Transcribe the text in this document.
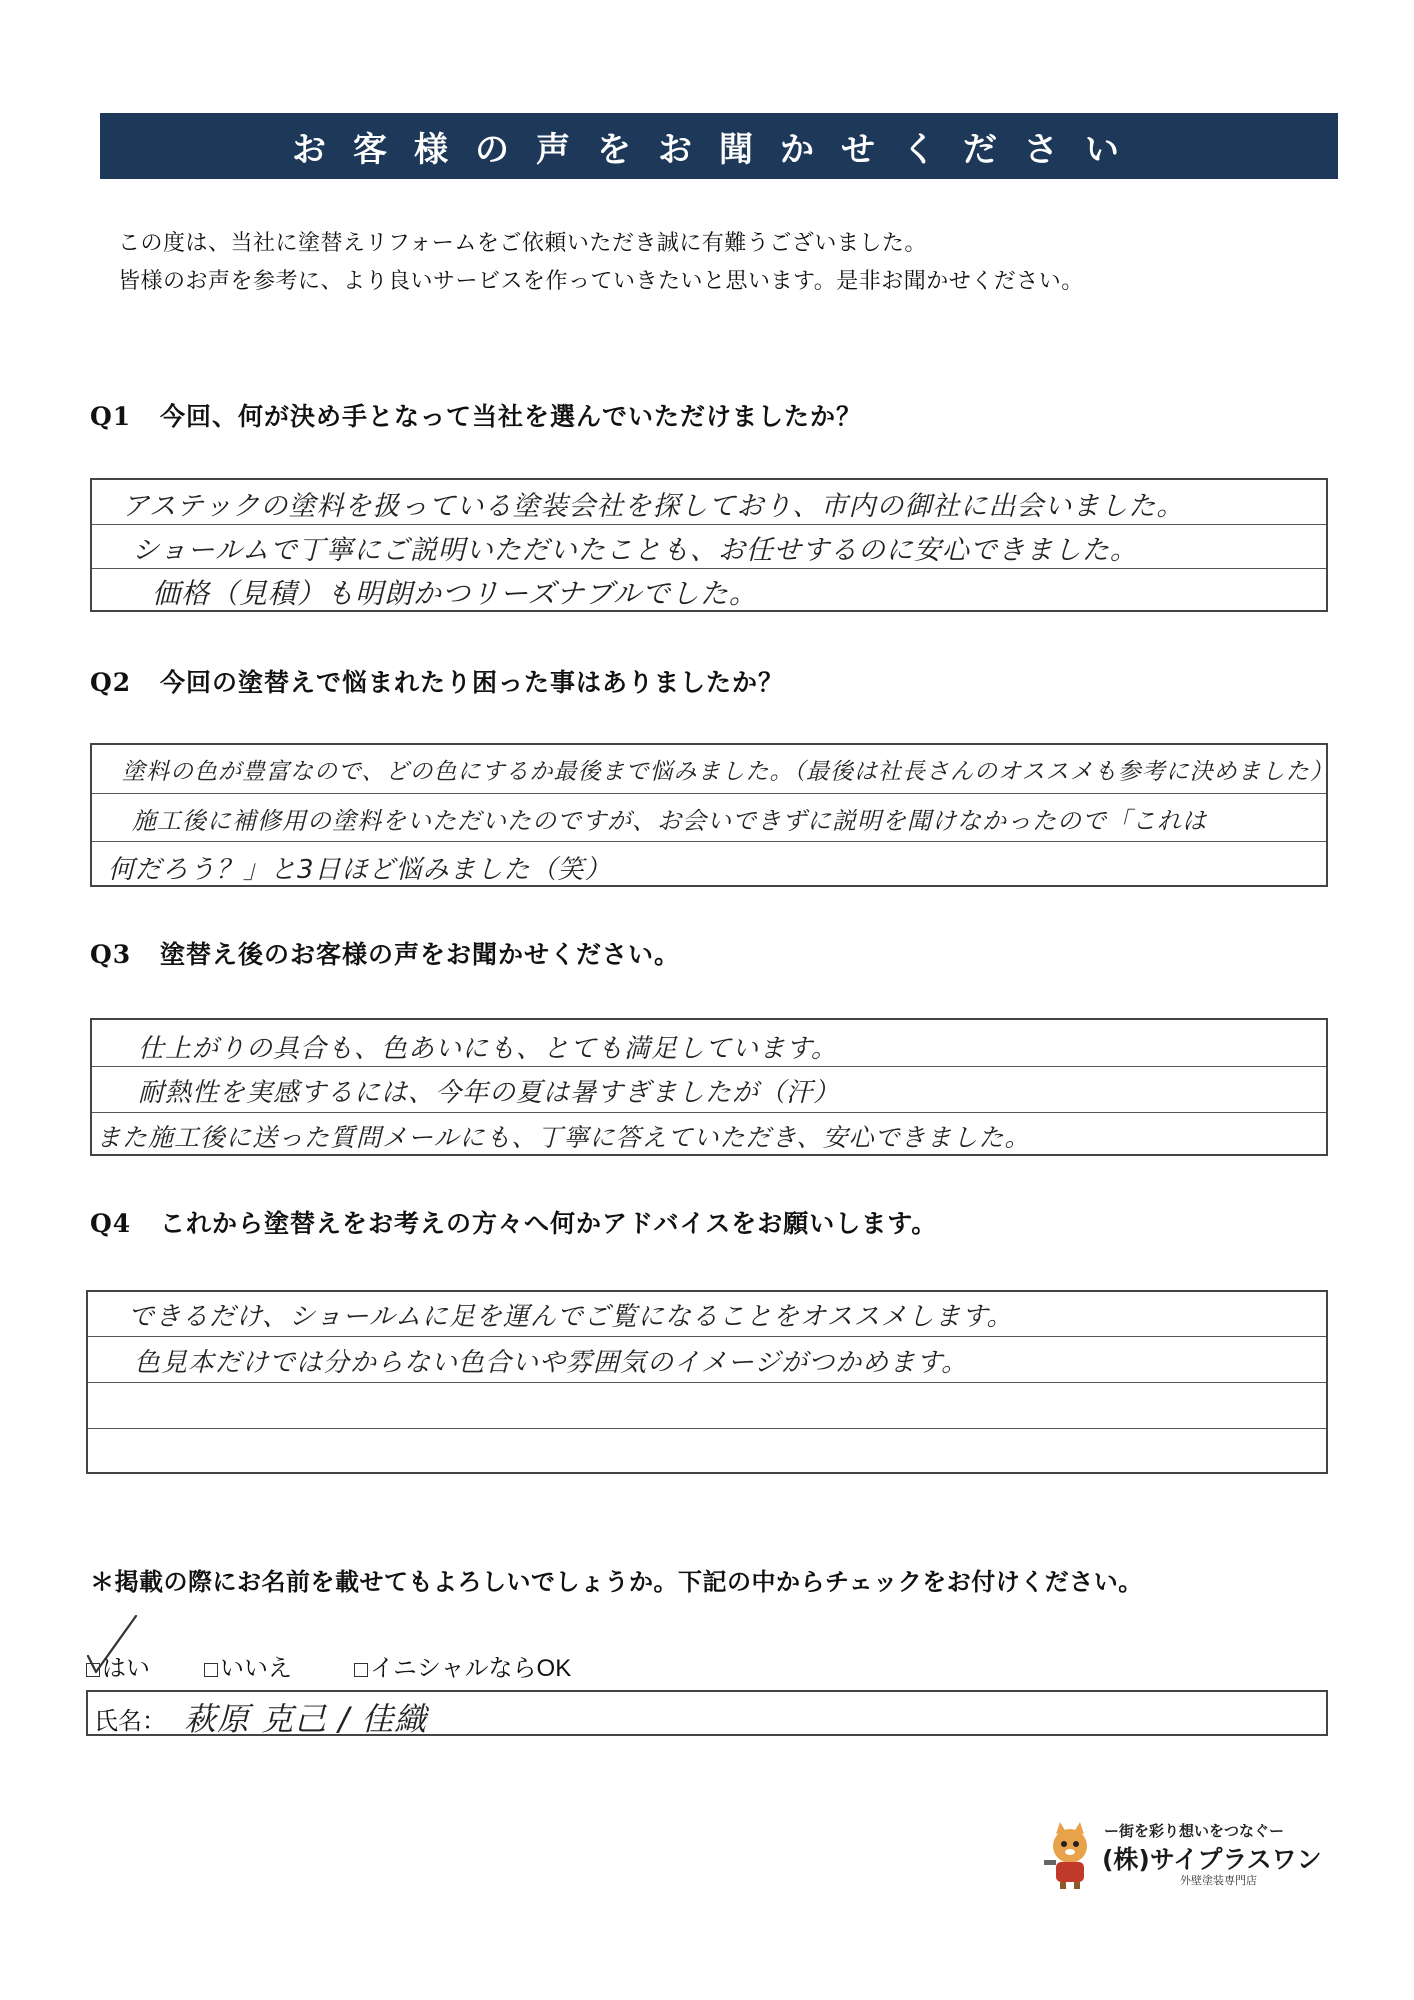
お客様の声をお聞かせください
この度は、当社に塗替えリフォームをご依頼いただき誠に有難うございました。
皆様のお声を参考に、より良いサービスを作っていきたいと思います。是非お聞かせください。
Q1 今回、何が決め手となって当社を選んでいただけましたか？
アステックの塗料を扱っている塗装会社を探しており、市内の御社に出会いました。
ショールムで丁寧にご説明いただいたことも、お任せするのに安心できました。
価格（見積）も明朗かつリーズナブルでした。
Q2 今回の塗替えで悩まれたり困った事はありましたか？
塗料の色が豊富なので、どの色にするか最後まで悩みました。（最後は社長さんのオススメも参考に決めました）
施工後に補修用の塗料をいただいたのですが、お会いできずに説明を聞けなかったので「これは
何だろう？」と3日ほど悩みました（笑）
Q3 塗替え後のお客様の声をお聞かせください。
仕上がりの具合も、色あいにも、とても満足しています。
耐熱性を実感するには、今年の夏は暑すぎましたが（汗）
また施工後に送った質問メールにも、丁寧に答えていただき、安心できました。
Q4 これから塗替えをお考えの方々へ何かアドバイスをお願いします。
できるだけ、ショールムに足を運んでご覧になることをオススメします。
色見本だけでは分からない色合いや雰囲気のイメージがつかめます。
＊掲載の際にお名前を載せてもよろしいでしょうか。下記の中からチェックをお付けください。
はい	いいえ	イニシャルならOK
氏名： 萩原 克己 / 佳織
ー街を彩り想いをつなぐー
(株)サイプラスワン
外壁塗装専門店
